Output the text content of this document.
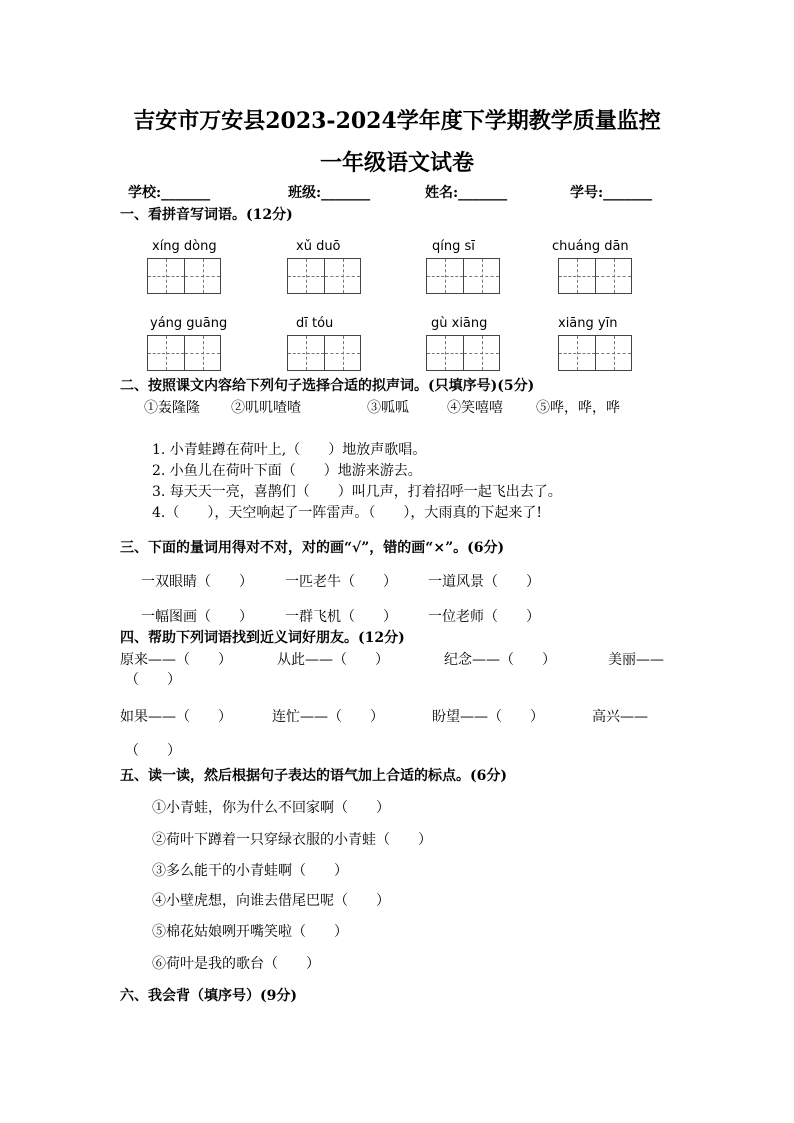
吉安市万安县2023-2024学年度下学期教学质量监控
一年级语文试卷
学校:_______	班级:_______	姓名:_______	学号:_______
一、看拼音写词语。(12分)
xíng dòng	xǔ duō	qíng sī	chuáng dān
yáng guāng	dī tóu	gù xiāng	xiāng yīn
二、按照课文内容给下列句子选择合适的拟声词。(只填序号)(5分)
①轰隆隆 ②叽叽喳喳	③呱呱	④笑嘻嘻 ⑤哗，哗，哗
1. 小青蛙蹲在荷叶上,（　　）地放声歌唱。
2. 小鱼儿在荷叶下面（　　）地游来游去。
3. 每天天一亮，喜鹊们（　　）叫几声，打着招呼一起飞出去了。
4.（　　），天空响起了一阵雷声。（　　），大雨真的下起来了!
三、下面的量词用得对不对，对的画“√”，错的画“×”。(6分)
一双眼睛（　　） 一匹老牛（　　） 一道风景（　　）
一幅图画（　　） 一群飞机（　　） 一位老师（　　）
四、帮助下列词语找到近义词好朋友。(12分)
原来——（　　）	从此——（　　）	纪念——（　　）	美丽——
（　　）
如果——（　　）	连忙——（　　）	盼望——（　　）	高兴——
（　　）
五、读一读，然后根据句子表达的语气加上合适的标点。(6分)
①小青蛙，你为什么不回家啊（　　）
②荷叶下蹲着一只穿绿衣服的小青蛙（　　）
③多么能干的小青蛙啊（　　）
④小壁虎想，向谁去借尾巴呢（　　）
⑤棉花姑娘咧开嘴笑啦（　　）
⑥荷叶是我的歌台（　　）
六、我会背（填序号）(9分)
